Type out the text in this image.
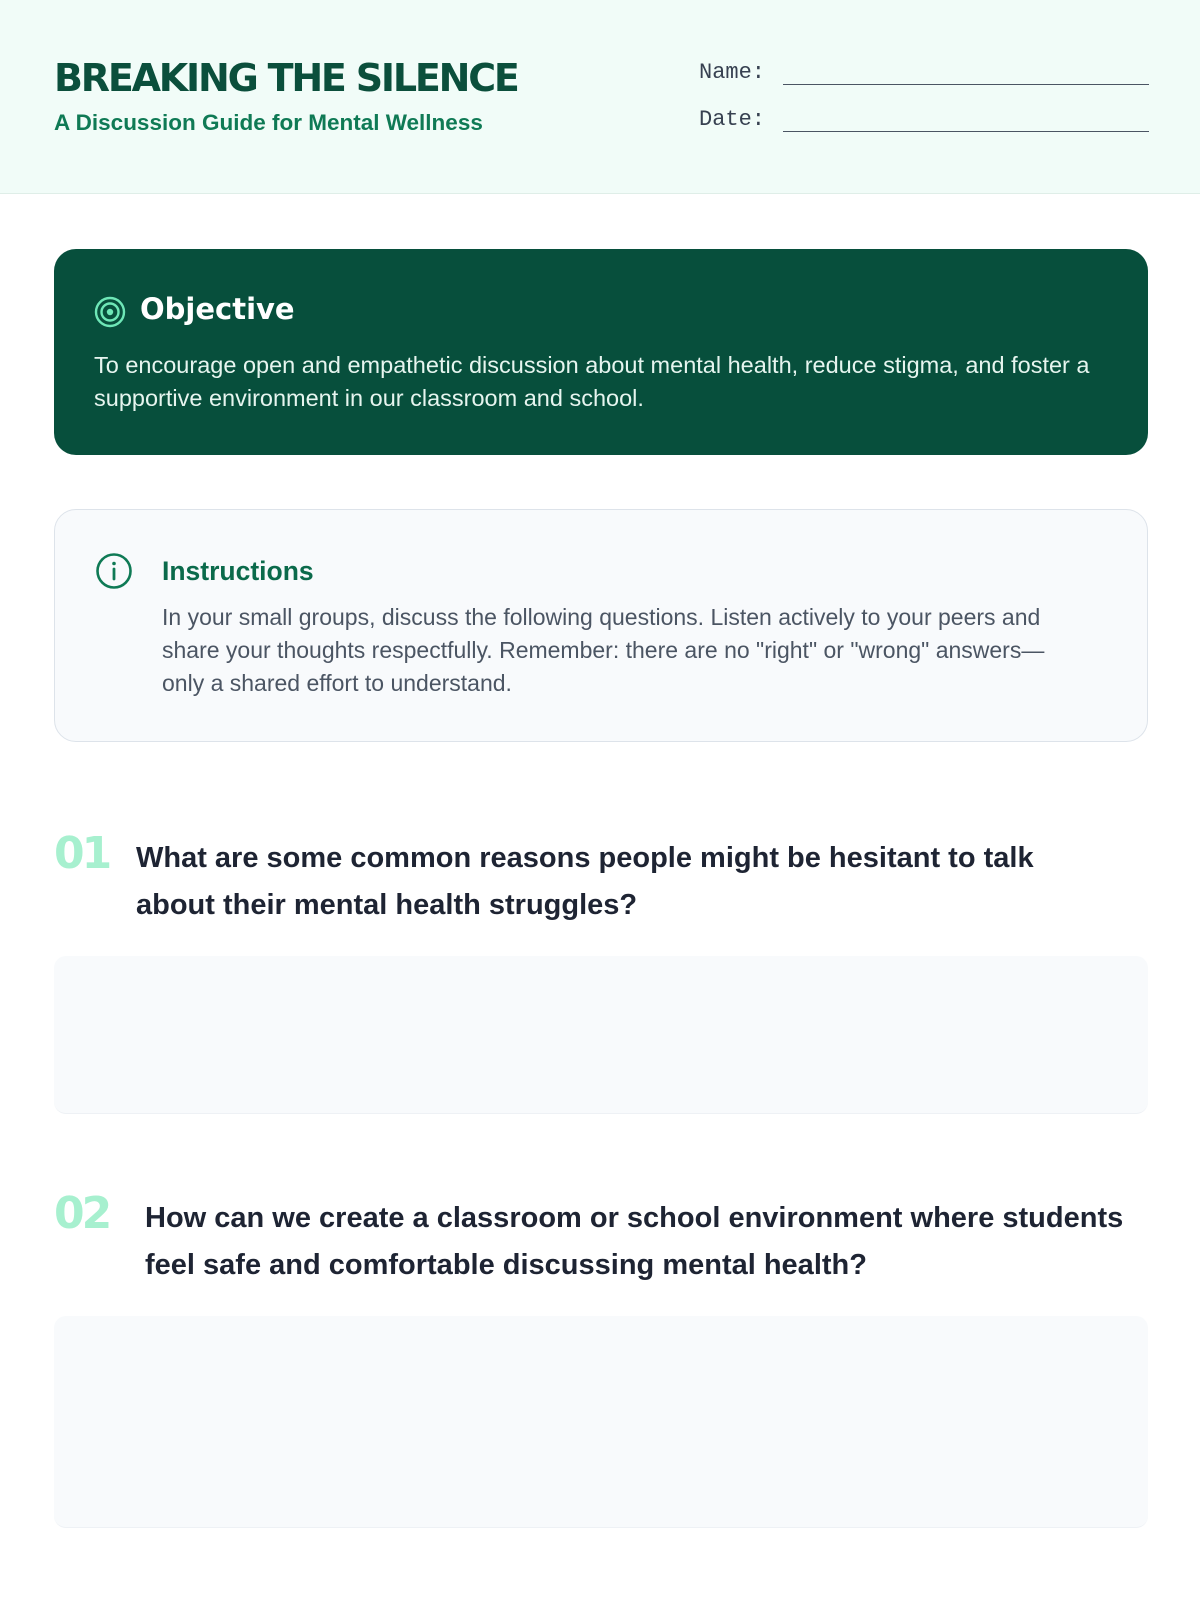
BREAKING THE SILENCE
A Discussion Guide for Mental Wellness
Name:
Date:
Objective
To encourage open and empathetic discussion about mental health, reduce stigma, and foster a supportive environment in our classroom and school.
Instructions
In your small groups, discuss the following questions. Listen actively to your peers and share your thoughts respectfully. Remember: there are no "right" or "wrong" answers—only a shared effort to understand.
01 What are some common reasons people might be hesitant to talk about their mental health struggles?
02 How can we create a classroom or school environment where students feel safe and comfortable discussing mental health?
